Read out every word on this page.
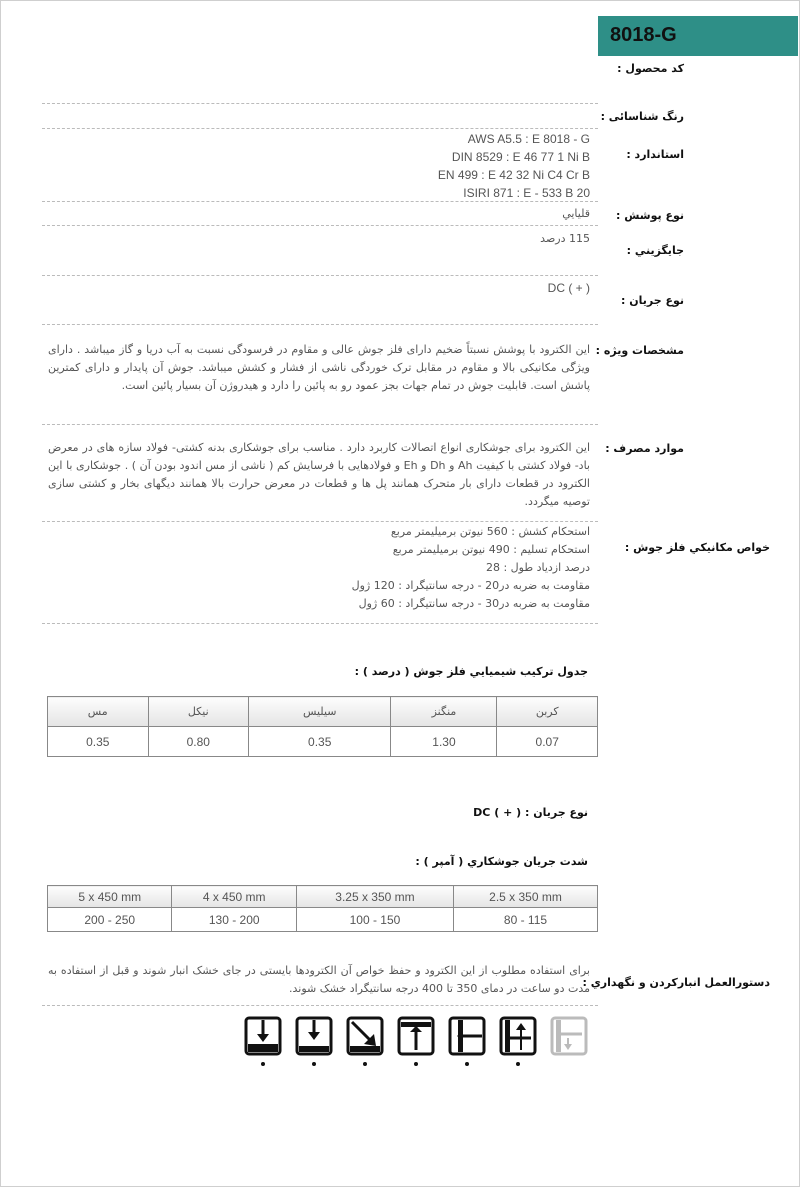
8018-G
کد محصول :
رنگ شناسائی :
استاندارد :
AWS A5.5 : E 8018 - G
DIN 8529 : E 46 77 1 Ni B
EN 499 : E 42 32 Ni C4 Cr B
ISIRI 871 : E - 533 B 20
نوع پوشش :
قليايي
جايگزيني :
115 درصد
نوع جريان :
DC ( + )
مشخصات ويژه :
اين الكترود با پوشش نسبتاً ضخيم داراى فلز جوش عالى و مقاوم در فرسودگى نسبت به آب دريا و گاز ميباشد . داراى ويژگى مكانيكى بالا و مقاوم در مقابل ترک خوردگى ناشى از فشار و کشش ميباشد. جوش آن پايدار و داراى کمترين پاشش است. قابليت جوش در تمام جهات بجز عمود رو به پائين را دارد و هيدروژن آن بسيار پائين است.
موارد مصرف :
اين الكترود براى جوشكارى انواع اتصالات کاربرد دارد . مناسب براى جوشکارى بدنه کشتى- فولاد سازه هاى در معرض باد- فولاد کشتى با کيفيت Ah و Dh و Eh و فولادهايى با فرسايش کم ( ناشى از مس اندود بودن آن ) . جوشکارى با اين الکترود در قطعات داراى بار متحرک همانند پل ها و قطعات در معرض حرارت بالا همانند ديگهاى بخار و کشتى سازى توصيه ميگردد.
خواص مكانيكي فلز جوش :
استحكام كشش : 560 نيوتن برميليمتر مربع
استحكام تسليم : 490 نيوتن برميليمتر مربع
درصد ازدياد طول : 28
مقاومت به ضربه در20 - درجه سانتيگراد : 120 ژول
مقاومت به ضربه در30 - درجه سانتيگراد : 60 ژول
جدول تركيب شيميايي فلز جوش ( درصد ) :
مس	نيكل	سيليس	منگنز	كربن
0.35	0.80	0.35	1.30	0.07
نوع جريان : ( + ) DC
شدت جريان جوشكاري ( آمپر ) :
5 x 450 mm	4 x 450 mm	3.25 x 350 mm	2.5 x 350 mm
200 - 250	130 - 200	100 - 150	80 - 115
دستورالعمل انبارکردن و نگهداري :
براى استفاده مطلوب از اين الکترود و حفظ خواص آن الکترودها بايستى در جاى خشک انبار شوند و قبل از استفاده به مدت دو ساعت در دماى 350 تا 400 درجه سانتيگراد خشک شوند.
